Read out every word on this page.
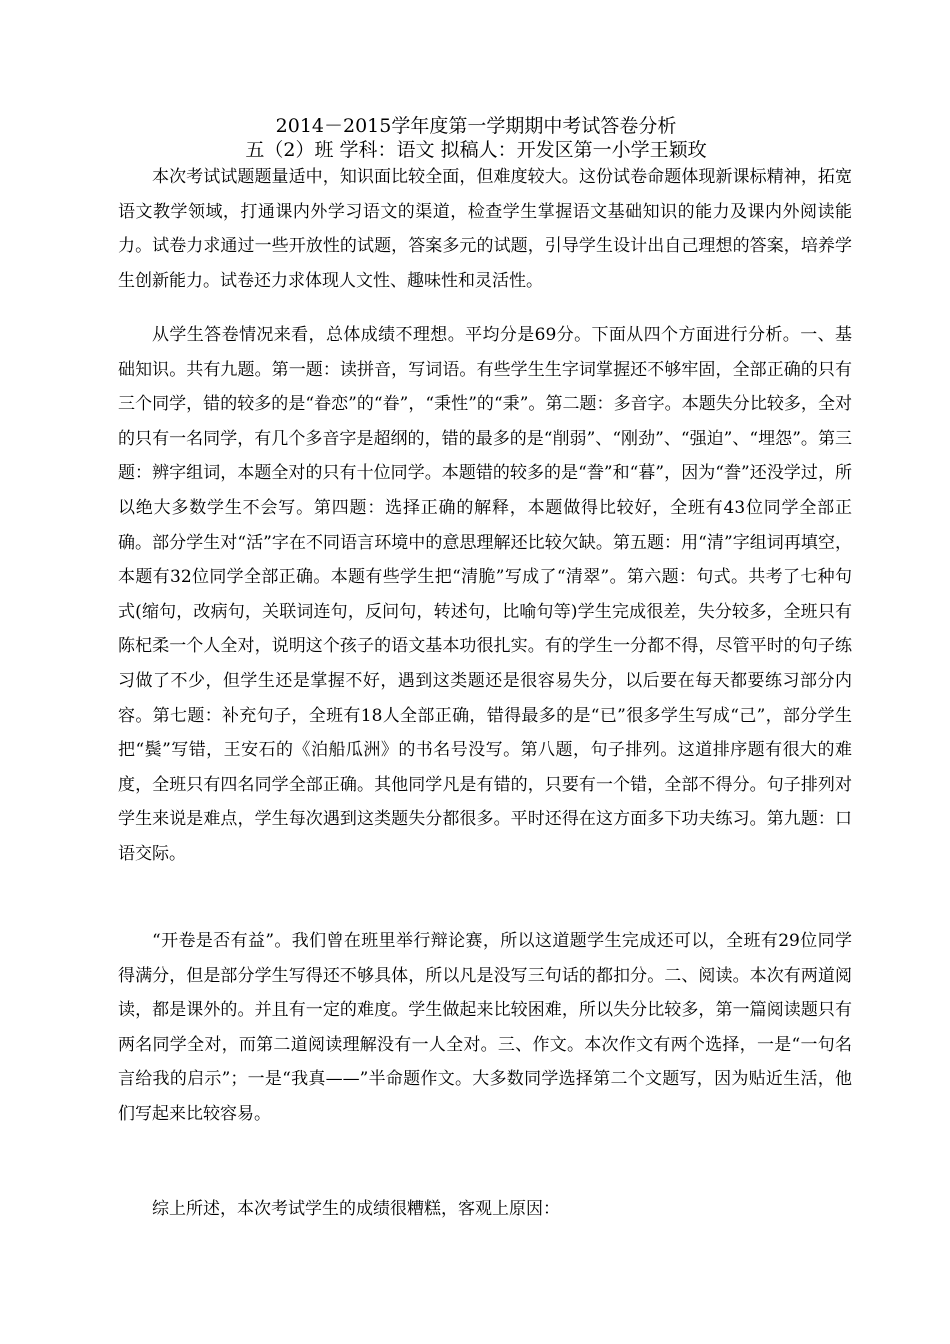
2014－2015学年度第一学期期中考试答卷分析
五（2）班 学科：语文 拟稿人：开发区第一小学王颖玫

本次考试试题题量适中，知识面比较全面，但难度较大。这份试卷命题体现新课标精神，拓宽语文教学领域，打通课内外学习语文的渠道，检查学生掌握语文基础知识的能力及课内外阅读能力。试卷力求通过一些开放性的试题，答案多元的试题，引导学生设计出自己理想的答案，培养学生创新能力。试卷还力求体现人文性、趣味性和灵活性。

从学生答卷情况来看，总体成绩不理想。平均分是69分。下面从四个方面进行分析。一、基础知识。共有九题。第一题：读拼音，写词语。有些学生生字词掌握还不够牢固，全部正确的只有三个同学，错的较多的是“眷恋”的“眷”，“秉性”的“秉”。第二题：多音字。本题失分比较多，全对的只有一名同学，有几个多音字是超纲的，错的最多的是“削弱”、“刚劲”、“强迫”、“埋怨”。第三题：辨字组词，本题全对的只有十位同学。本题错的较多的是“誊”和“暮”，因为“誊”还没学过，所以绝大多数学生不会写。第四题：选择正确的解释，本题做得比较好，全班有43位同学全部正确。部分学生对“活”字在不同语言环境中的意思理解还比较欠缺。第五题：用“清”字组词再填空，本题有32位同学全部正确。本题有些学生把“清脆”写成了“清翠”。第六题：句式。共考了七种句式(缩句，改病句，关联词连句，反问句，转述句，比喻句等)学生完成很差，失分较多，全班只有陈杞柔一个人全对，说明这个孩子的语文基本功很扎实。有的学生一分都不得，尽管平时的句子练习做了不少，但学生还是掌握不好，遇到这类题还是很容易失分，以后要在每天都要练习部分内容。第七题：补充句子，全班有18人全部正确，错得最多的是“已”很多学生写成“己”，部分学生把“鬓”写错，王安石的《泊船瓜洲》的书名号没写。第八题，句子排列。这道排序题有很大的难度，全班只有四名同学全部正确。其他同学凡是有错的，只要有一个错，全部不得分。句子排列对学生来说是难点，学生每次遇到这类题失分都很多。平时还得在这方面多下功夫练习。第九题：口语交际。

“开卷是否有益”。我们曾在班里举行辩论赛，所以这道题学生完成还可以，全班有29位同学得满分，但是部分学生写得还不够具体，所以凡是没写三句话的都扣分。二、阅读。本次有两道阅读，都是课外的。并且有一定的难度。学生做起来比较困难，所以失分比较多，第一篇阅读题只有两名同学全对，而第二道阅读理解没有一人全对。三、作文。本次作文有两个选择，一是“一句名言给我的启示”；一是“我真——”半命题作文。大多数同学选择第二个文题写，因为贴近生活，他们写起来比较容易。

综上所述，本次考试学生的成绩很糟糕，客观上原因：
